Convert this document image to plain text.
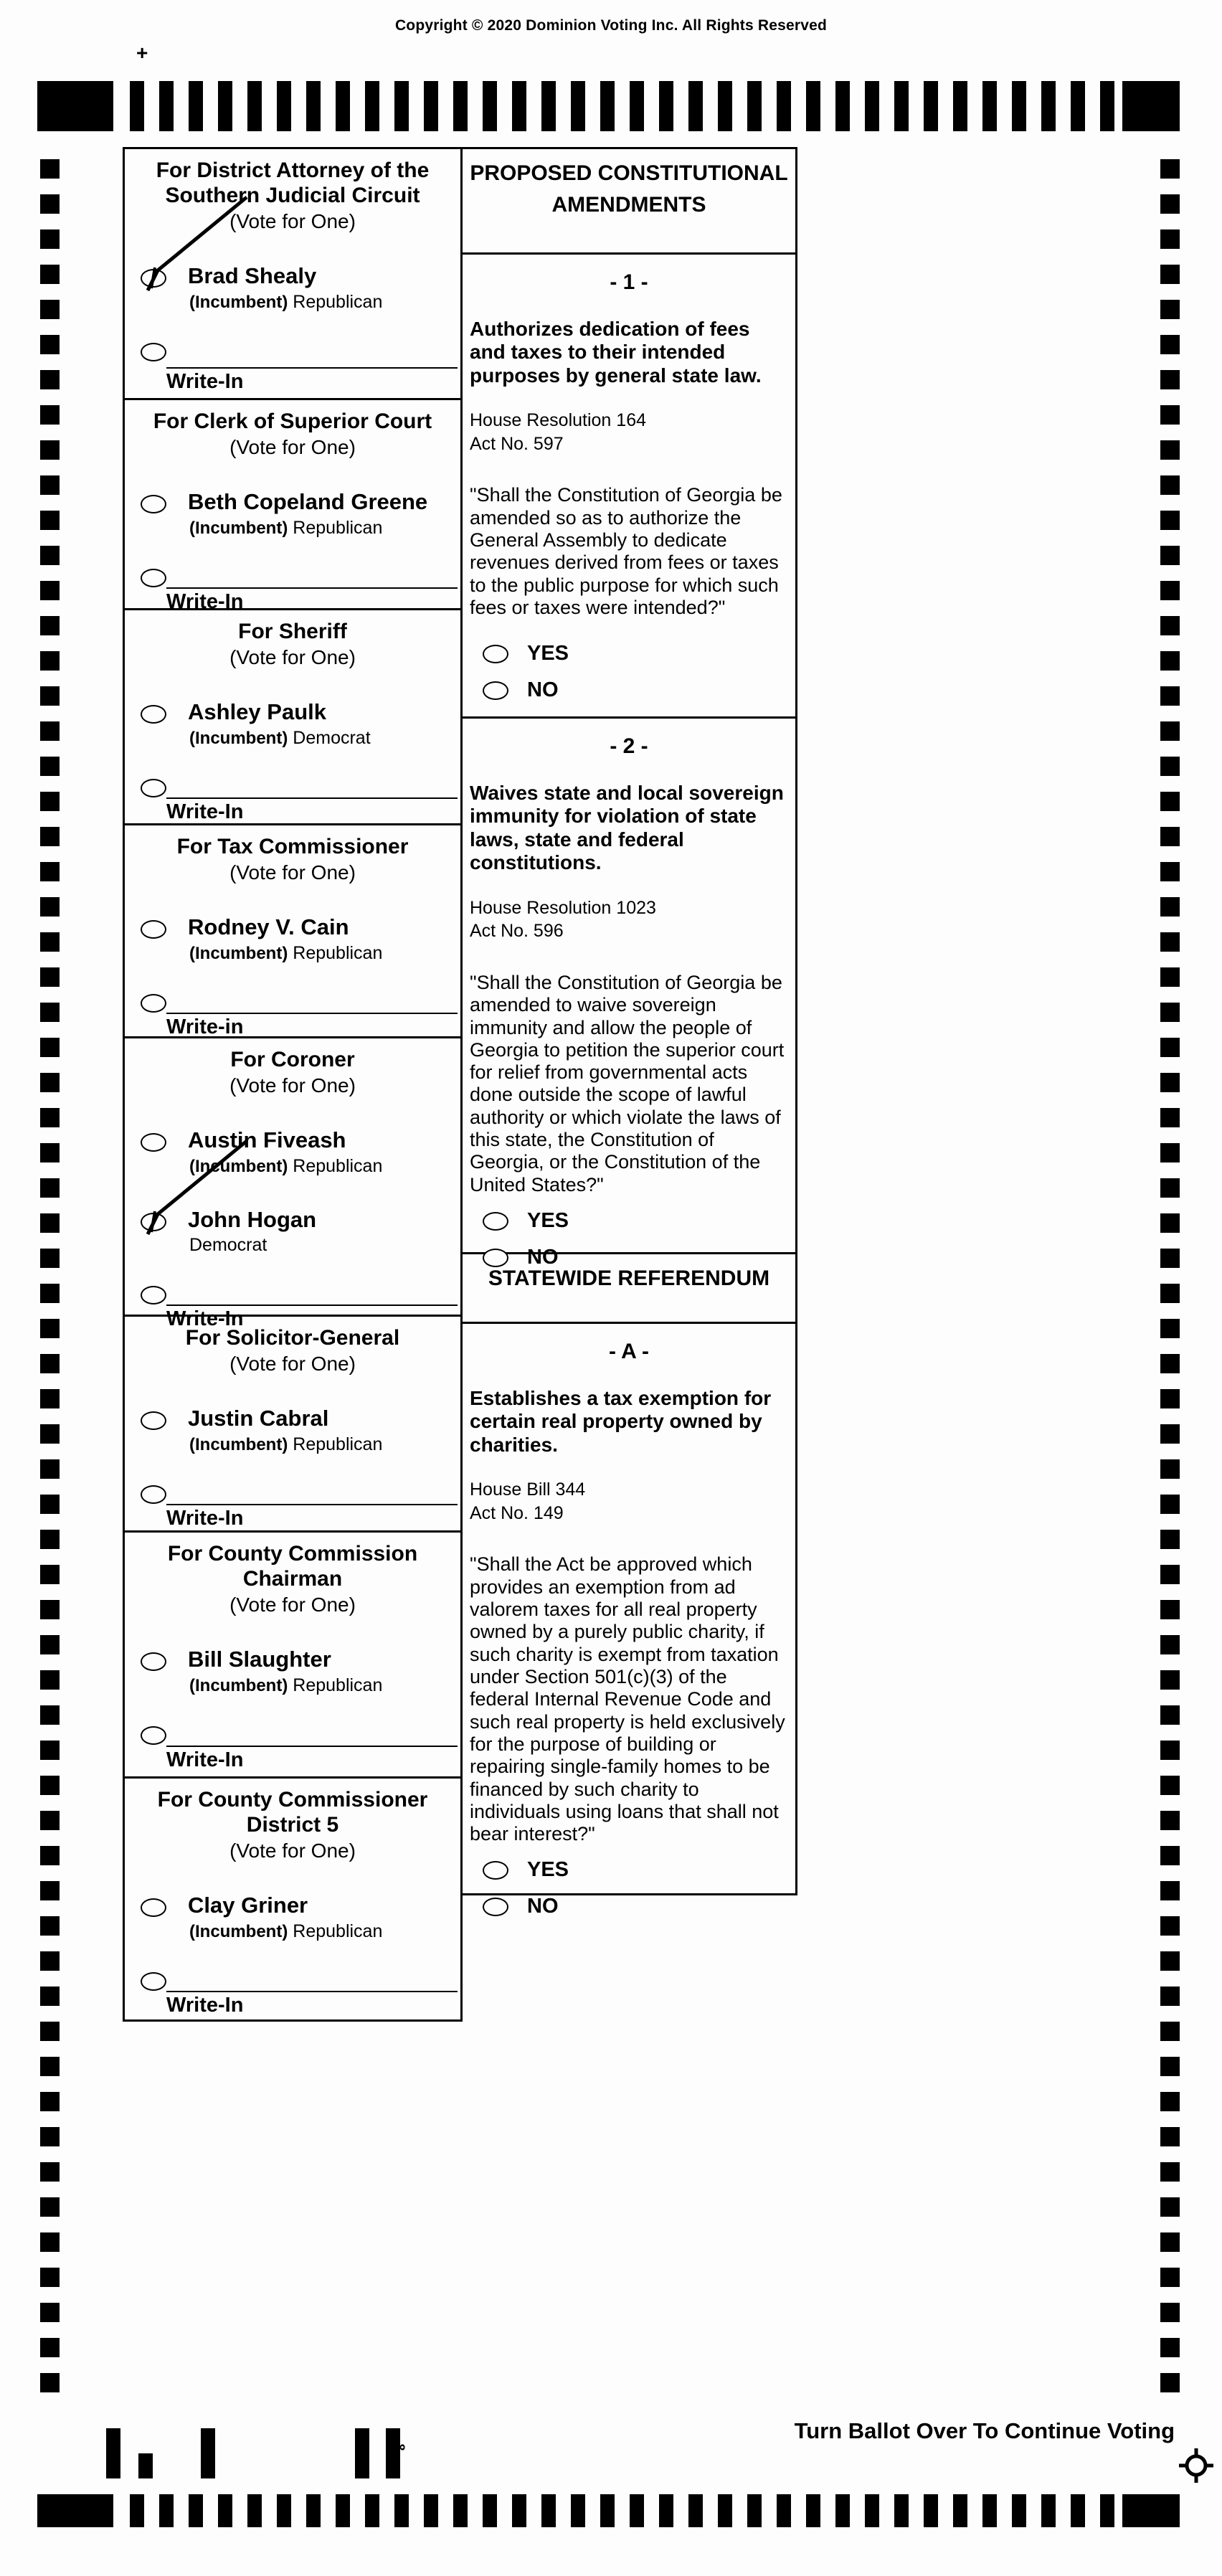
Copyright © 2020 Dominion Voting Inc. All Rights Reserved
+
For District Attorney of the Southern Judicial Circuit
(Vote for One)
Brad Shealy
(Incumbent) Republican
Write-In
For Clerk of Superior Court
(Vote for One)
Beth Copeland Greene
(Incumbent) Republican
Write-In
For Sheriff
(Vote for One)
Ashley Paulk
(Incumbent) Democrat
Write-In
For Tax Commissioner
(Vote for One)
Rodney V. Cain
(Incumbent) Republican
Write-in
For Coroner
(Vote for One)
Austin Fiveash
(Incumbent) Republican
John Hogan
Democrat
Write-In
For Solicitor-General
(Vote for One)
Justin Cabral
(Incumbent) Republican
Write-In
For County Commission Chairman
(Vote for One)
Bill Slaughter
(Incumbent) Republican
Write-In
For County Commissioner District 5
(Vote for One)
Clay Griner
(Incumbent) Republican
Write-In
PROPOSED CONSTITUTIONAL AMENDMENTS
- 1 -
Authorizes dedication of fees and taxes to their intended purposes by general state law.
House Resolution 164
Act No. 597
"Shall the Constitution of Georgia be amended so as to authorize the General Assembly to dedicate revenues derived from fees or taxes to the public purpose for which such fees or taxes were intended?"
YES
NO
- 2 -
Waives state and local sovereign immunity for violation of state laws, state and federal constitutions.
House Resolution 1023
Act No. 596
"Shall the Constitution of Georgia be amended to waive sovereign immunity and allow the people of Georgia to petition the superior court for relief from governmental acts done outside the scope of lawful authority or which violate the laws of this state, the Constitution of Georgia, or the Constitution of the United States?"
YES
NO
STATEWIDE REFERENDUM
- A -
Establishes a tax exemption for certain real property owned by charities.
House Bill 344
Act No. 149
"Shall the Act be approved which provides an exemption from ad valorem taxes for all real property owned by a purely public charity, if such charity is exempt from taxation under Section 501(c)(3) of the federal Internal Revenue Code and such real property is held exclusively for the purpose of building or repairing single-family homes to be financed by such charity to individuals using loans that shall not bear interest?"
YES
NO
Turn Ballot Over To Continue Voting
8
